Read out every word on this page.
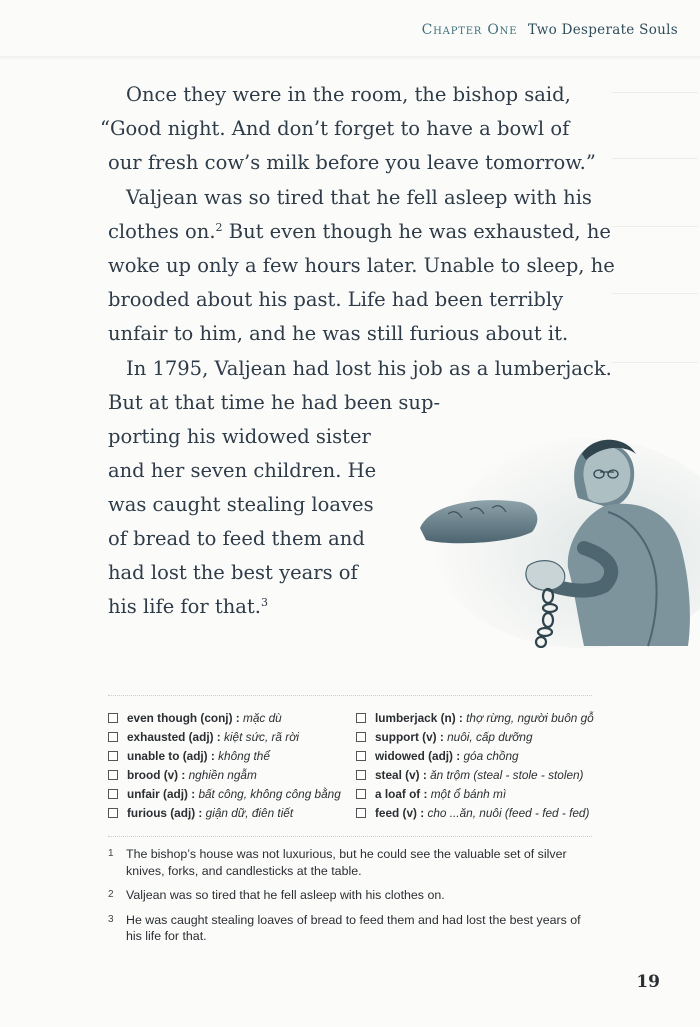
Chapter One Two Desperate Souls

Once they were in the room, the bishop said,
“Good night. And don’t forget to have a bowl of
our fresh cow’s milk before you leave tomorrow.”

Valjean was so tired that he fell asleep with his
clothes on.$^2$ But even though he was exhausted, he
woke up only a few hours later. Unable to sleep, he
brooded about his past. Life had been terribly
unfair to him, and he was still furious about it.

In 1795, Valjean had lost his job as a lumberjack.
But at that time he had been sup-
porting his widowed sister
and her seven children. He
was caught stealing loaves
of bread to feed them and
had lost the best years of
his life for that.$^3$

even though (conj) : mặc dù
exhausted (adj) : kiệt sức, rã rời
unable to (adj) : không thể
brood (v) : nghiền ngẫm
unfair (adj) : bất công, không công bằng
furious (adj) : giận dữ, điên tiết
lumberjack (n) : thợ rừng, người buôn gỗ
support (v) : nuôi, cấp dưỡng
widowed (adj) : góa chồng
steal (v) : ăn trộm (steal - stole - stolen)
a loaf of : một ổ bánh mì
feed (v) : cho ...ăn, nuôi (feed - fed - fed)
1 The bishop’s house was not luxurious, but he could see the valuable set of silver knives, forks, and candlesticks at the table.
2 Valjean was so tired that he fell asleep with his clothes on.
3 He was caught stealing loaves of bread to feed them and had lost the best years of his life for that.
19
